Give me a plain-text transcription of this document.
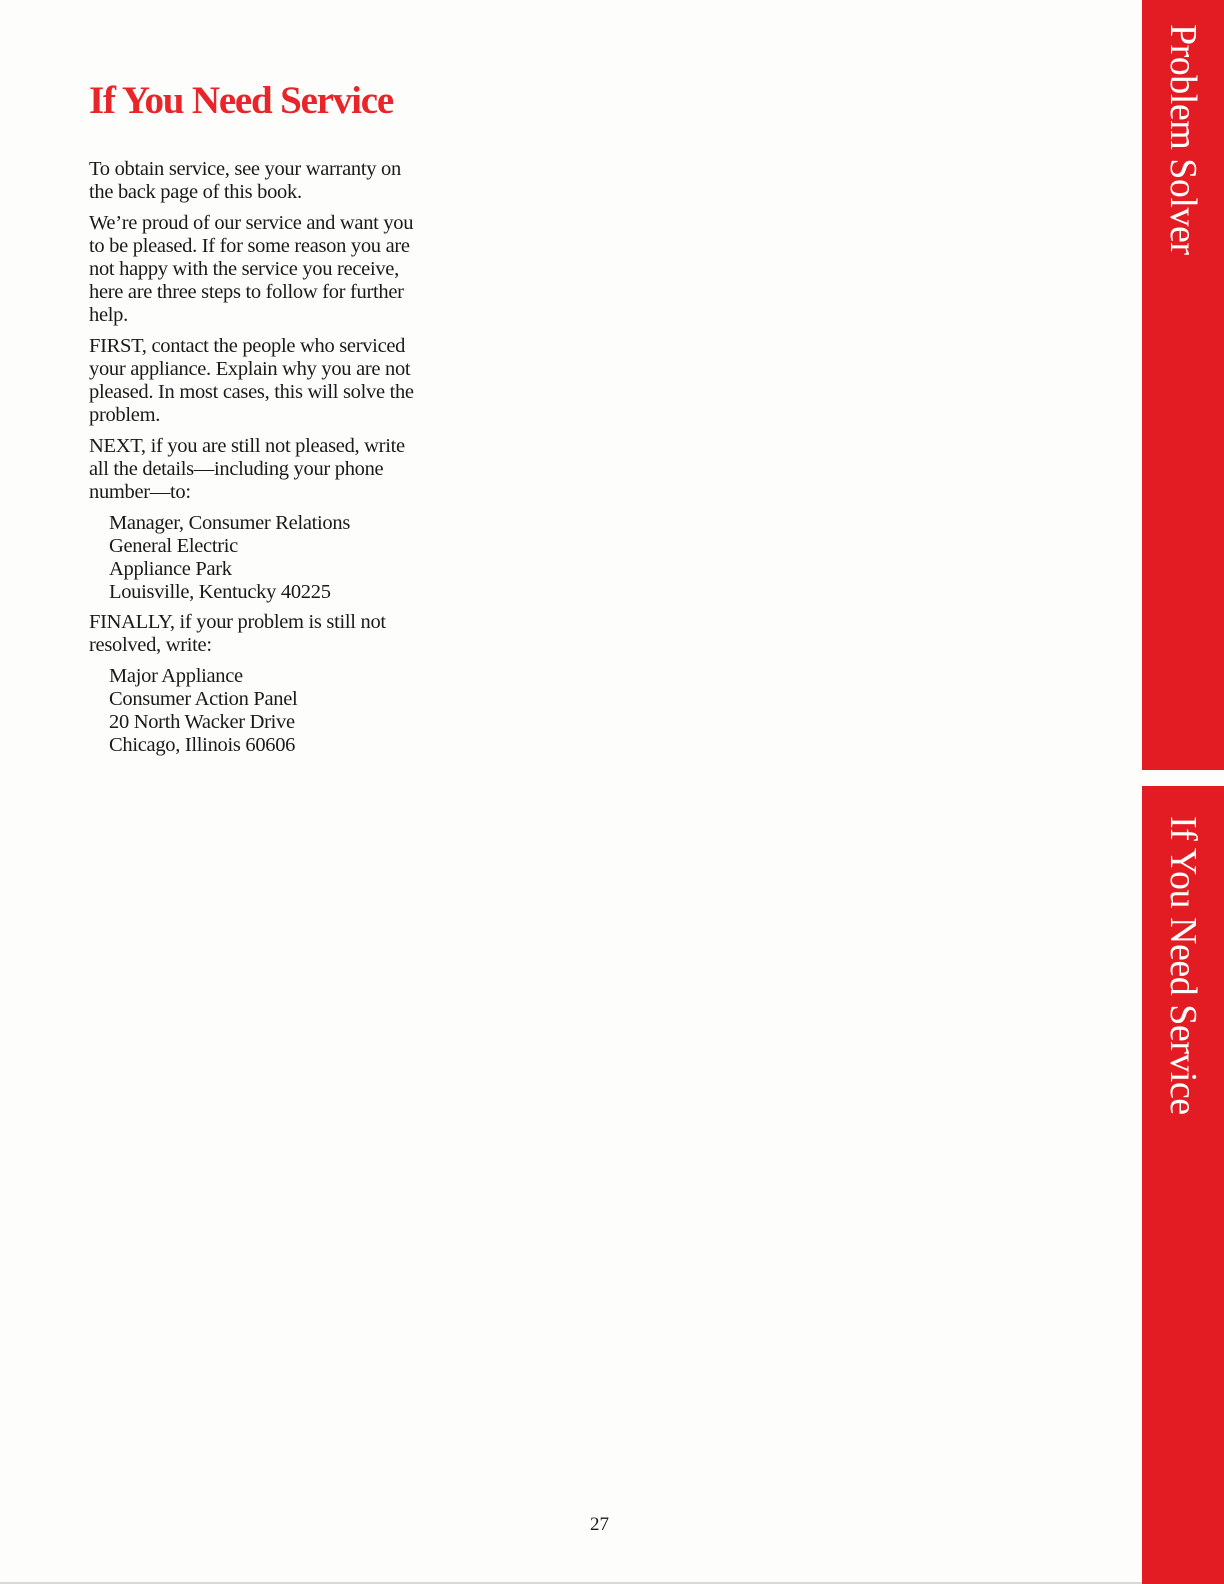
If You Need Service

To obtain service, see your warranty on the back page of this book.

We’re proud of our service and want you to be pleased. If for some reason you are not happy with the service you receive, here are three steps to follow for further help.

FIRST, contact the people who serviced your appliance. Explain why you are not pleased. In most cases, this will solve the problem.

NEXT, if you are still not pleased, write all the details—including your phone number—to:

Manager, Consumer Relations
General Electric
Appliance Park
Louisville, Kentucky 40225

FINALLY, if your problem is still not resolved, write:

Major Appliance
Consumer Action Panel
20 North Wacker Drive
Chicago, Illinois 60606
27
Problem Solver
If You Need Service
